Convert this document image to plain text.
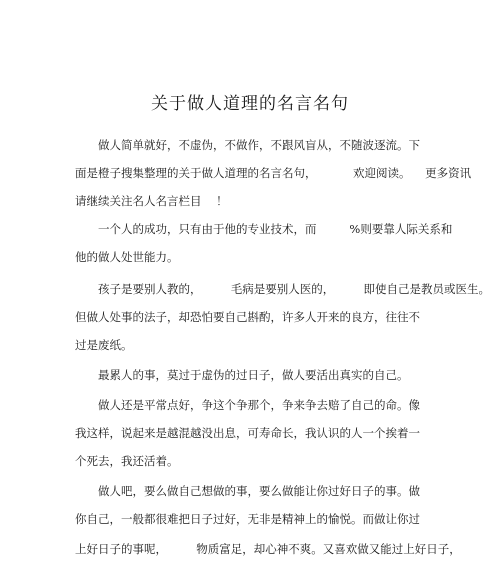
关于做人道理的名言名句
做人简单就好，不虚伪，不做作，不跟风盲从，不随波逐流。下
面是橙子搜集整理的关于做人道理的名言名句，          欢迎阅读。    更多资讯
请继续关注名人名言栏目    ！
一个人的成功，只有由于他的专业技术，而         %则要靠人际关系和
他的做人处世能力。
孩子是要别人教的，        毛病是要别人医的，        即使自己是教员或医生。
但做人处事的法子，却恐怕要自己斟酌，许多人开来的良方，往往不
过是废纸。
最累人的事，莫过于虚伪的过日子，做人要活出真实的自己。
做人还是平常点好，争这个争那个，争来争去赔了自己的命。像
我这样，说起来是越混越没出息，可寿命长，我认识的人一个挨着一
个死去，我还活着。
做人吧，要么做自己想做的事，要么做能让你过好日子的事。做
你自己，一般都很难把日子过好，无非是精神上的愉悦。而做让你过
上好日子的事呢，        物质富足，却心神不爽。又喜欢做又能过上好日子，
